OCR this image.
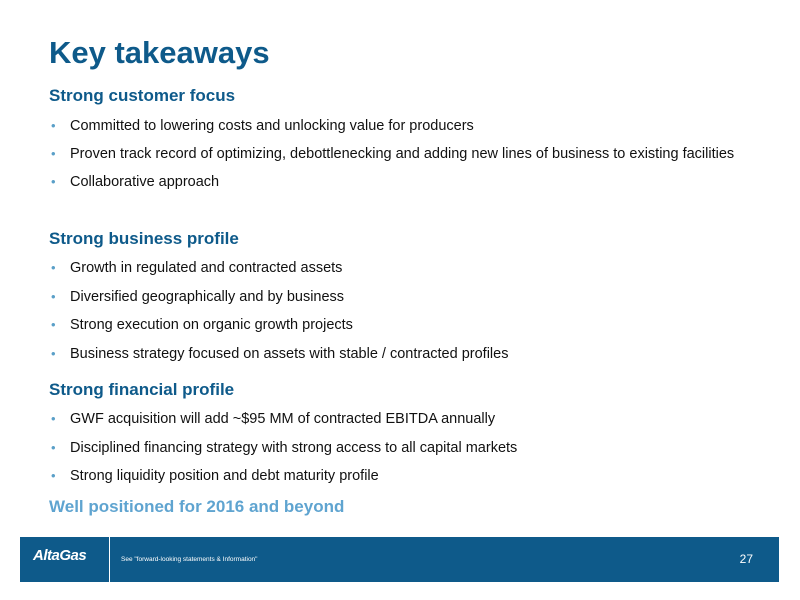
Key takeaways
Strong customer focus
• Committed to lowering costs and unlocking value for producers
• Proven track record of optimizing, debottlenecking and adding new lines of business to existing facilities
• Collaborative approach
Strong business profile
• Growth in regulated and contracted assets
• Diversified geographically and by business
• Strong execution on organic growth projects
• Business strategy focused on assets with stable / contracted profiles
Strong financial profile
• GWF acquisition will add ~$95 MM of contracted EBITDA annually
• Disciplined financing strategy with strong access to all capital markets
• Strong liquidity position and debt maturity profile

Well positioned for 2016 and beyond

AltaGas	See "forward-looking statements & Information"	27
